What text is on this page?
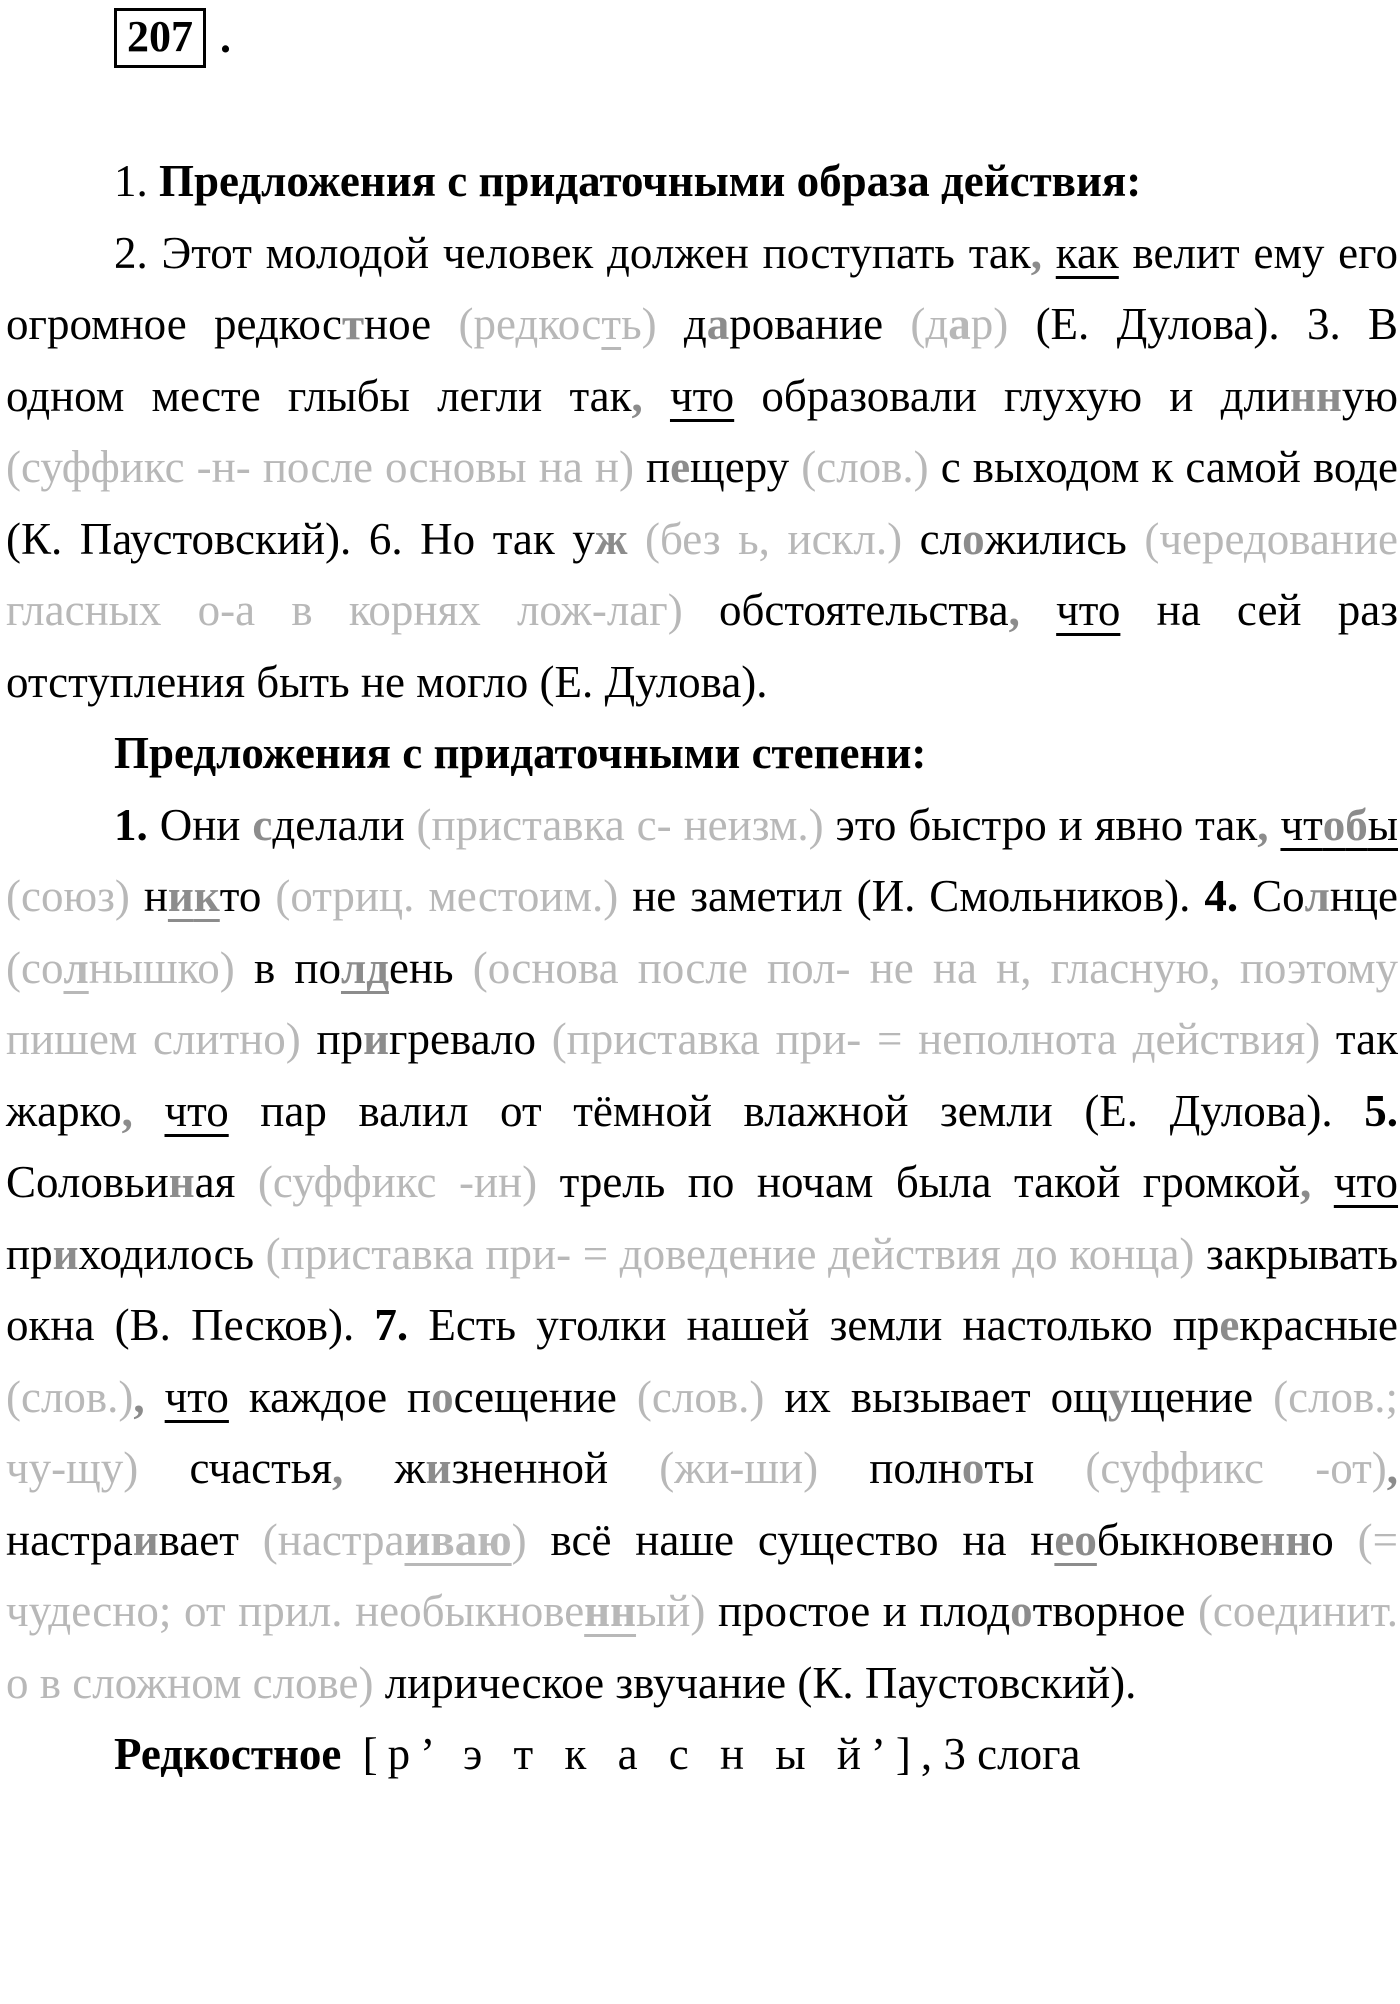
207 .

1. Предложения с придаточными образа действия:

2. Этот молодой человек должен поступать так, как велит ему его огромное редкостное (редкость) дарование (дар) (Е. Дулова). 3. В одном месте глыбы легли так, что образовали глухую и длинную (суффикс -н- после основы на н) пещеру (слов.) с выходом к самой воде (К. Паустовский). 6. Но так уж (без ь, искл.) сложились (чередование гласных о-а в корнях лож-лаг) обстоятельства, что на сей раз отступления быть не могло (Е. Дулова).

Предложения с придаточными степени:

1. Они сделали (приставка с- неизм.) это быстро и явно так, чтобы (союз) никто (отриц. местоим.) не заметил (И. Смольников). 4. Солнце (солнышко) в полдень (основа после пол- не на н, гласную, поэтому пишем слитно) пригревало (приставка при- = неполнота действия) так жарко, что пар валил от тёмной влажной земли (Е. Дулова). 5. Соловьиная (суффикс -ин) трель по ночам была такой громкой, что приходилось (приставка при- = доведение действия до конца) закрывать окна (В. Песков). 7. Есть уголки нашей земли настолько прекрасные (слов.), что каждое посещение (слов.) их вызывает ощущение (слов.; чу-щу) счастья, жизненной (жи-ши) полноты (суффикс -от), настраивает (настраиваю) всё наше существо на необыкновенно (= чудесно; от прил. необыкновенный) простое и плодотворное (соединит. о в сложном слове) лирическое звучание (К. Паустовский).

Редкостное [р’ э т к а с н ы й’], 3 слога
